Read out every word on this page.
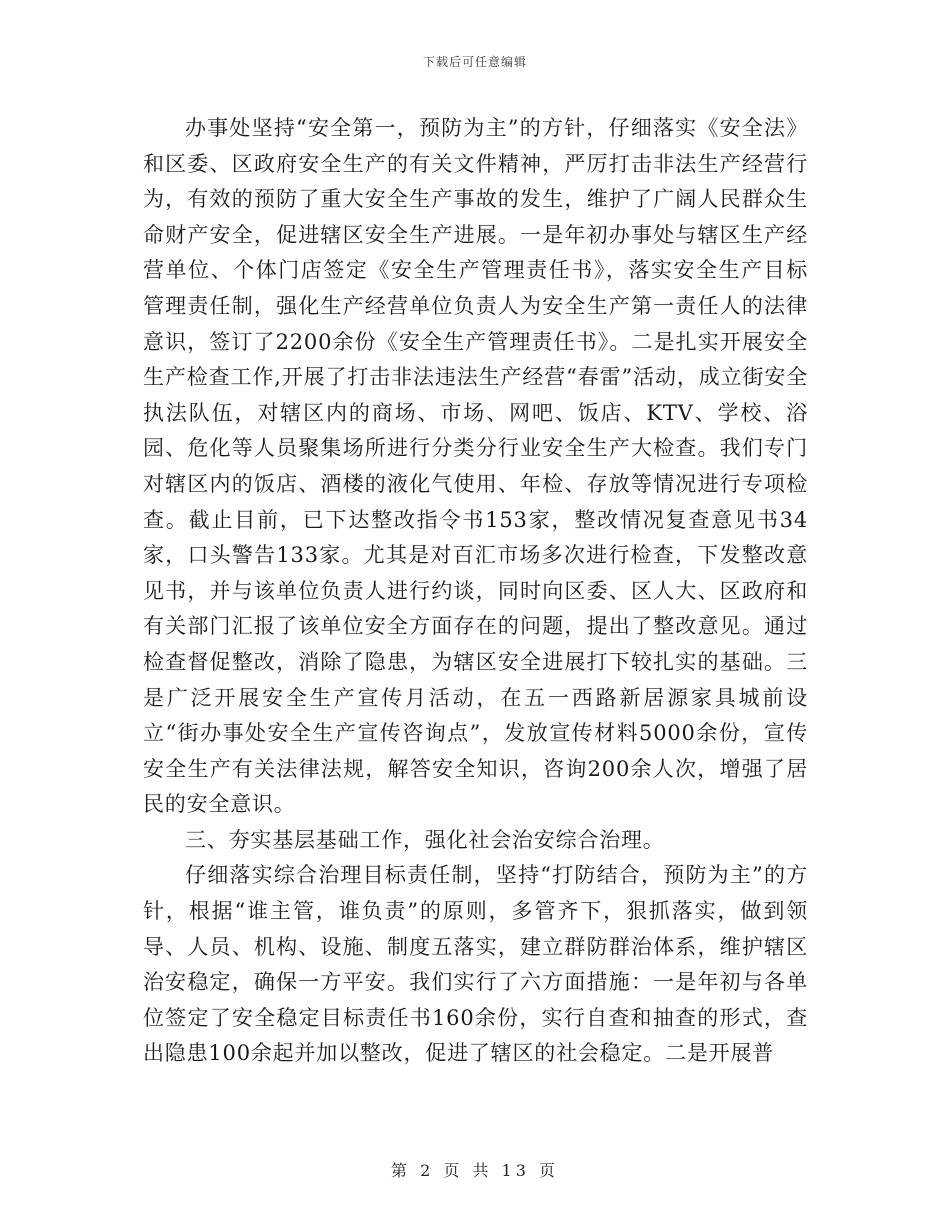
下载后可任意编辑

办事处坚持“安全第一，预防为主”的方针，仔细落实《安全法》和区委、区政府安全生产的有关文件精神，严厉打击非法生产经营行为，有效的预防了重大安全生产事故的发生，维护了广阔人民群众生命财产安全，促进辖区安全生产进展。一是年初办事处与辖区生产经营单位、个体门店签定《安全生产管理责任书》，落实安全生产目标管理责任制，强化生产经营单位负责人为安全生产第一责任人的法律意识，签订了2200余份《安全生产管理责任书》。二是扎实开展安全生产检查工作,开展了打击非法违法生产经营“春雷”活动，成立街安全执法队伍，对辖区内的商场、市场、网吧、饭店、KTV、学校、浴园、危化等人员聚集场所进行分类分行业安全生产大检查。我们专门对辖区内的饭店、酒楼的液化气使用、年检、存放等情况进行专项检查。截止目前，已下达整改指令书153家，整改情况复查意见书34家，口头警告133家。尤其是对百汇市场多次进行检查，下发整改意见书，并与该单位负责人进行约谈，同时向区委、区人大、区政府和有关部门汇报了该单位安全方面存在的问题，提出了整改意见。通过检查督促整改，消除了隐患，为辖区安全进展打下较扎实的基础。三是广泛开展安全生产宣传月活动，在五一西路新居源家具城前设立“街办事处安全生产宣传咨询点”，发放宣传材料5000余份，宣传安全生产有关法律法规，解答安全知识，咨询200余人次，增强了居民的安全意识。

三、夯实基层基础工作，强化社会治安综合治理。

仔细落实综合治理目标责任制，坚持“打防结合，预防为主”的方针，根据“谁主管，谁负责”的原则，多管齐下，狠抓落实，做到领导、人员、机构、设施、制度五落实，建立群防群治体系，维护辖区治安稳定，确保一方平安。我们实行了六方面措施：一是年初与各单位签定了安全稳定目标责任书160余份，实行自查和抽查的形式，查出隐患100余起并加以整改，促进了辖区的社会稳定。二是开展普

第 2 页 共 13 页
